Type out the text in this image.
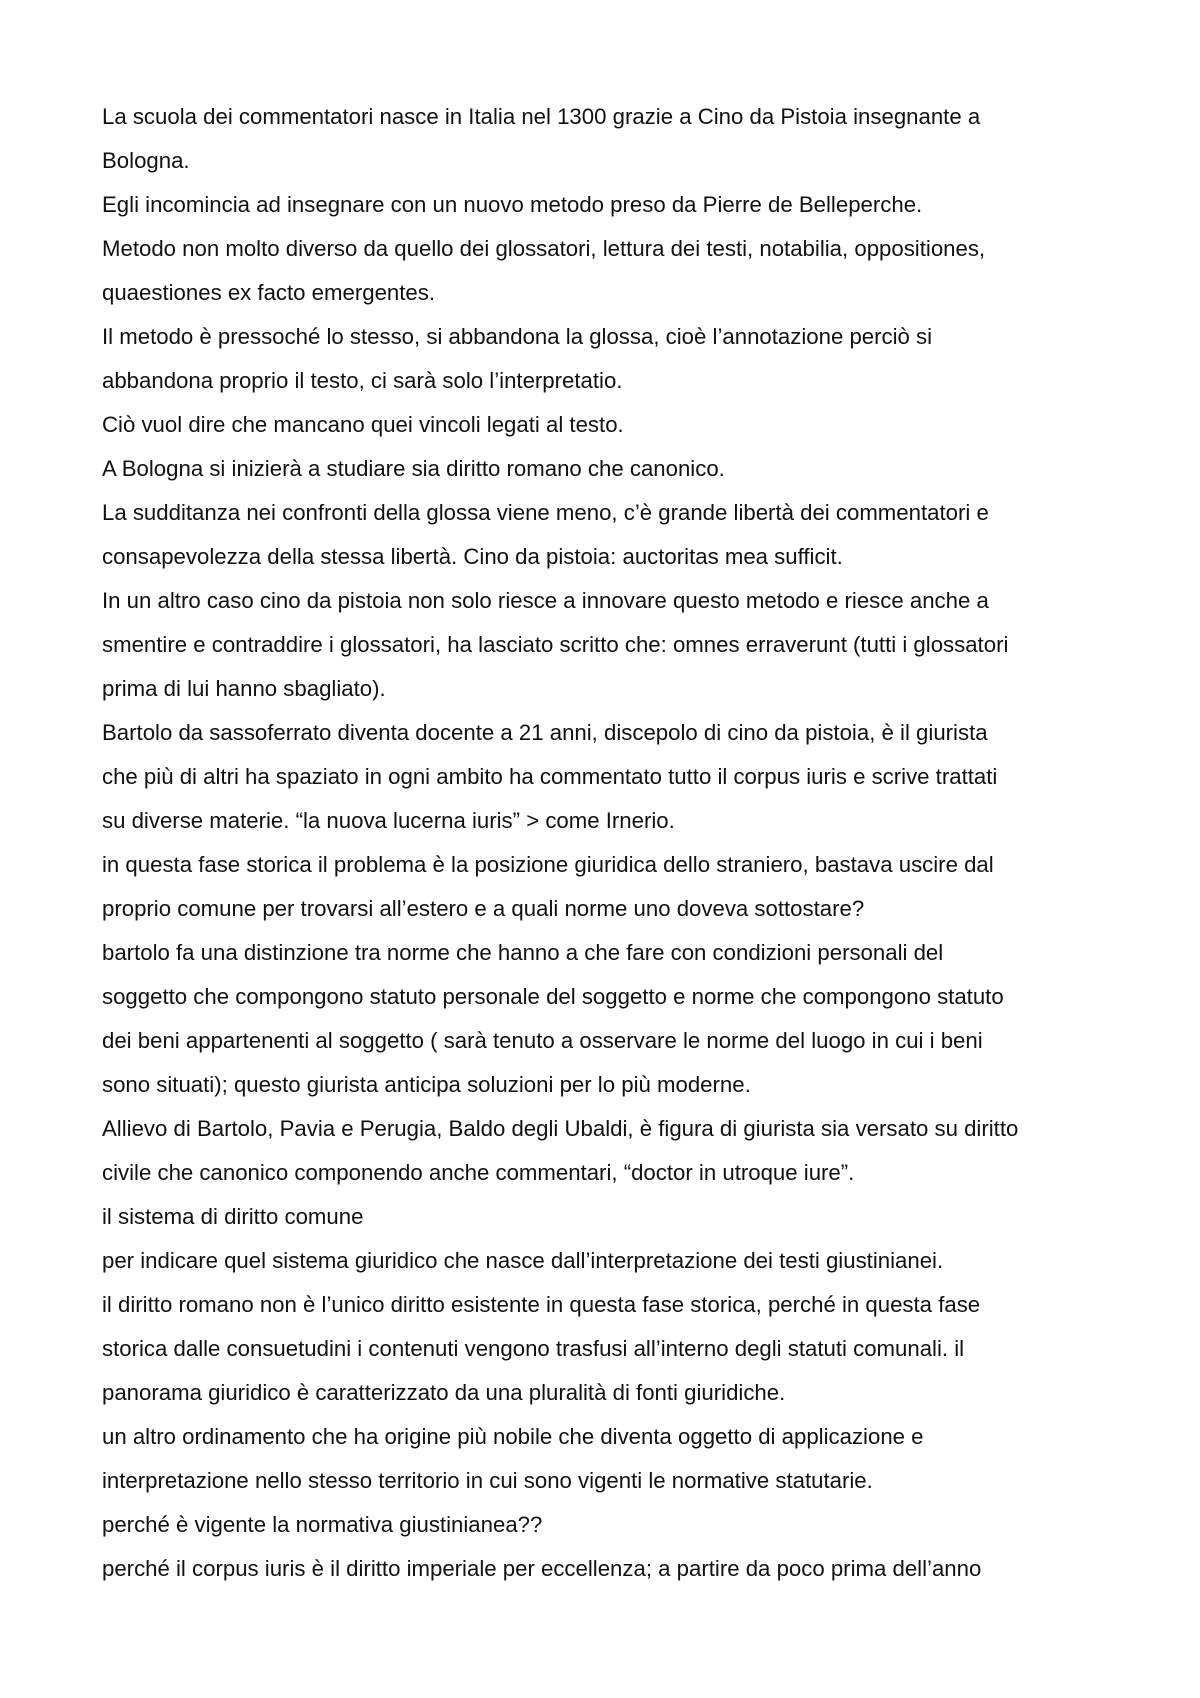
La scuola dei commentatori nasce in Italia nel 1300 grazie a Cino da Pistoia insegnante a
Bologna.
Egli incomincia ad insegnare con un nuovo metodo preso da Pierre de Belleperche.
Metodo non molto diverso da quello dei glossatori, lettura dei testi, notabilia, oppositiones,
quaestiones ex facto emergentes.
Il metodo è pressoché lo stesso, si abbandona la glossa, cioè l’annotazione perciò si
abbandona proprio il testo, ci sarà solo l’interpretatio.
Ciò vuol dire che mancano quei vincoli legati al testo.
A Bologna si inizierà a studiare sia diritto romano che canonico.
La sudditanza nei confronti della glossa viene meno, c’è grande libertà dei commentatori e
consapevolezza della stessa libertà. Cino da pistoia: auctoritas mea sufficit.
In un altro caso cino da pistoia non solo riesce a innovare questo metodo e riesce anche a
smentire e contraddire i glossatori, ha lasciato scritto che: omnes erraverunt (tutti i glossatori
prima di lui hanno sbagliato).
Bartolo da sassoferrato diventa docente a 21 anni, discepolo di cino da pistoia, è il giurista
che più di altri ha spaziato in ogni ambito ha commentato tutto il corpus iuris e scrive trattati
su diverse materie. “la nuova lucerna iuris” > come Irnerio.
in questa fase storica il problema è la posizione giuridica dello straniero, bastava uscire dal
proprio comune per trovarsi all’estero e a quali norme uno doveva sottostare?
bartolo fa una distinzione tra norme che hanno a che fare con condizioni personali del
soggetto che compongono statuto personale del soggetto e norme che compongono statuto
dei beni appartenenti al soggetto ( sarà tenuto a osservare le norme del luogo in cui i beni
sono situati); questo giurista anticipa soluzioni per lo più moderne.
Allievo di Bartolo, Pavia e Perugia, Baldo degli Ubaldi, è figura di giurista sia versato su diritto
civile che canonico componendo anche commentari, “doctor in utroque iure”.
il sistema di diritto comune
per indicare quel sistema giuridico che nasce dall’interpretazione dei testi giustinianei.
il diritto romano non è l’unico diritto esistente in questa fase storica, perché in questa fase
storica dalle consuetudini i contenuti vengono trasfusi all’interno degli statuti comunali. il
panorama giuridico è caratterizzato da una pluralità di fonti giuridiche.
un altro ordinamento che ha origine più nobile che diventa oggetto di applicazione e
interpretazione nello stesso territorio in cui sono vigenti le normative statutarie.
perché è vigente la normativa giustinianea??
perché il corpus iuris è il diritto imperiale per eccellenza; a partire da poco prima dell’anno
